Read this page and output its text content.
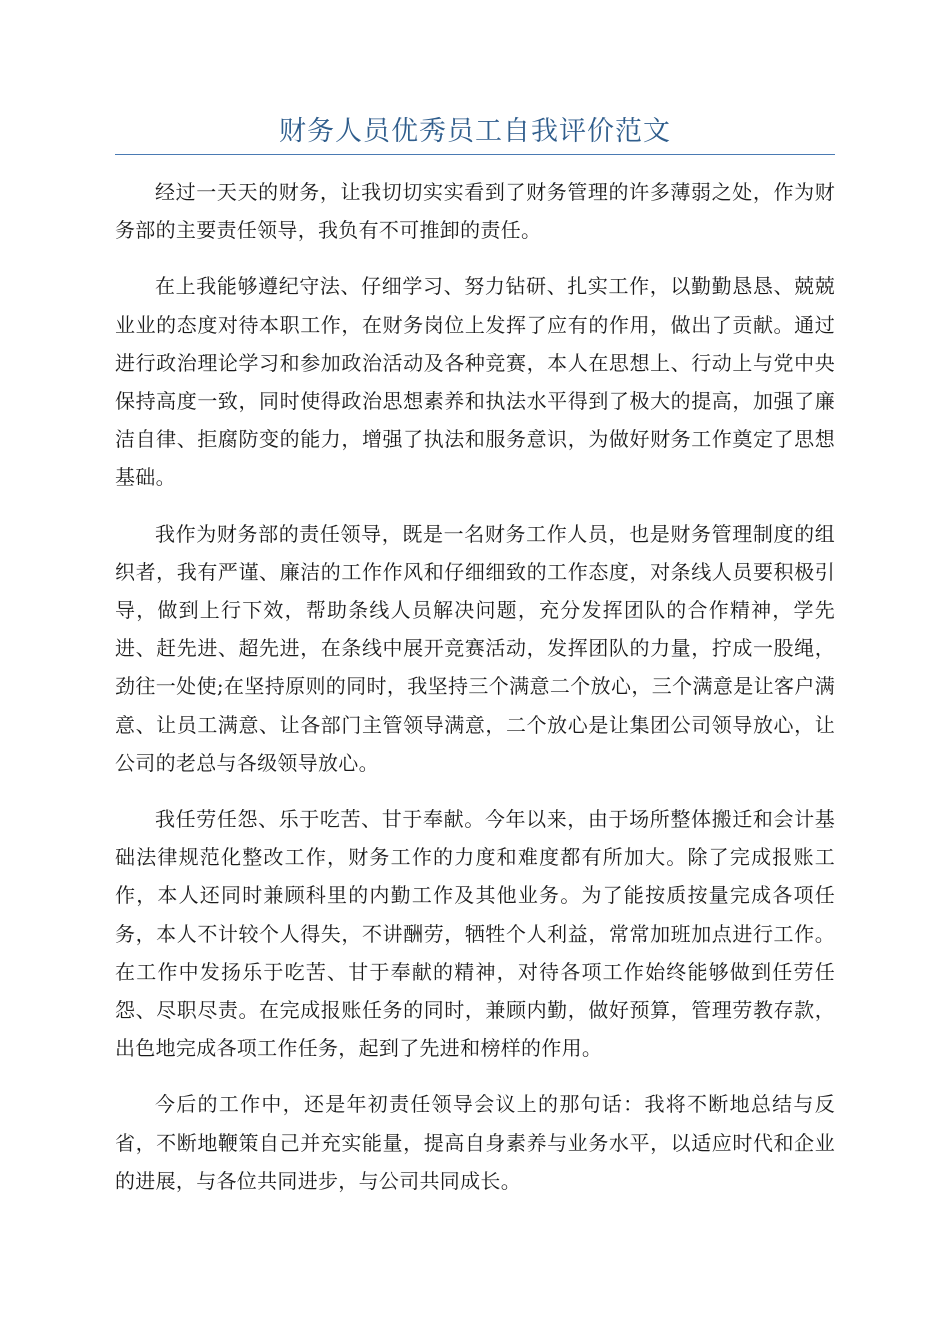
财务人员优秀员工自我评价范文

经过一天天的财务，让我切切实实看到了财务管理的许多薄弱之处，作为财务部的主要责任领导，我负有不可推卸的责任。

在上我能够遵纪守法、仔细学习、努力钻研、扎实工作，以勤勤恳恳、兢兢业业的态度对待本职工作，在财务岗位上发挥了应有的作用，做出了贡献。通过进行政治理论学习和参加政治活动及各种竞赛，本人在思想上、行动上与党中央保持高度一致，同时使得政治思想素养和执法水平得到了极大的提高，加强了廉洁自律、拒腐防变的能力，增强了执法和服务意识，为做好财务工作奠定了思想基础。

我作为财务部的责任领导，既是一名财务工作人员，也是财务管理制度的组织者，我有严谨、廉洁的工作作风和仔细细致的工作态度，对条线人员要积极引导，做到上行下效，帮助条线人员解决问题，充分发挥团队的合作精神，学先进、赶先进、超先进，在条线中展开竞赛活动，发挥团队的力量，拧成一股绳，劲往一处使;在坚持原则的同时，我坚持三个满意二个放心，三个满意是让客户满意、让员工满意、让各部门主管领导满意，二个放心是让集团公司领导放心，让公司的老总与各级领导放心。

我任劳任怨、乐于吃苦、甘于奉献。今年以来，由于场所整体搬迁和会计基础法律规范化整改工作，财务工作的力度和难度都有所加大。除了完成报账工作，本人还同时兼顾科里的内勤工作及其他业务。为了能按质按量完成各项任务，本人不计较个人得失，不讲酬劳，牺牲个人利益，常常加班加点进行工作。在工作中发扬乐于吃苦、甘于奉献的精神，对待各项工作始终能够做到任劳任怨、尽职尽责。在完成报账任务的同时，兼顾内勤，做好预算，管理劳教存款，出色地完成各项工作任务，起到了先进和榜样的作用。

今后的工作中，还是年初责任领导会议上的那句话：我将不断地总结与反省，不断地鞭策自己并充实能量，提高自身素养与业务水平，以适应时代和企业的进展，与各位共同进步，与公司共同成长。
